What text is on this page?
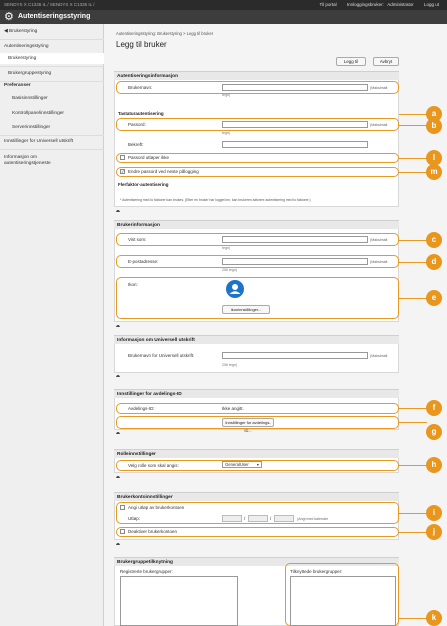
SENDYS X C1336 IL / SENDYS X C1336 IL /	Til portal Innloggingsbruker: Administrator Logg ut
⚙ Autentiseringsstyring
◀ Brukerstyring
Autentiseringsstyring
Brukerstyring
Brukergruppestyring
Preferanser
Basisinnstillinger
Kontrollpanelinnstillinger
Serverinnstillinger
Innstillinger for Universell utskrift
Informasjon om
autentiseringstjeneste
Autentiseringsstyring: Brukerstyring > Legg til bruker
Legg til bruker
Legg til	Avbryt
Autentiseringsinformasjon
Brukernavn:	(Maksimalt
tegn)
Tastaturautentisering
Passord:	(Maksimalt
tegn)
Bekreft:
Passord utløper ikke
✓ Endre passord ved neste pålogging
Flerfaktor-autentisering
* Autentisering med to faktorer kan brukes. (Etter en bruker har logget inn, kan brukeren aktivere autentisering med to faktorer.)
⯊
Brukerinformasjon
Vist som:	(Maksimalt
tegn)
E-postadresse:	(Maksimalt
256 tegn)
Ikon:
Ikoninnstillinger...
⯊
Informasjon om Universell utskrift
Brukernavn for Universell utskrift:	(Maksimalt
256 tegn)
⯊
Innstillinger for avdelings-ID
Avdelings-ID:	Ikke angitt.
Innstillinger for avdelings-ID...
⯊
Rolleinnstillinger
Velg rolle som skal angis:	GeneralUser ▾
⯊
Brukerkontoinnstillinger
Angi utløp av brukerkontoen
Utløp:	/	/	(Angi med kalender
Deaktiver brukerkontoen
⯊
Brukergruppetilknytning
Registrerte brukergrupper:	Tilknyttede brukergrupper:
a
b
l
m
c
d
e
f
g
h
i
j
k
